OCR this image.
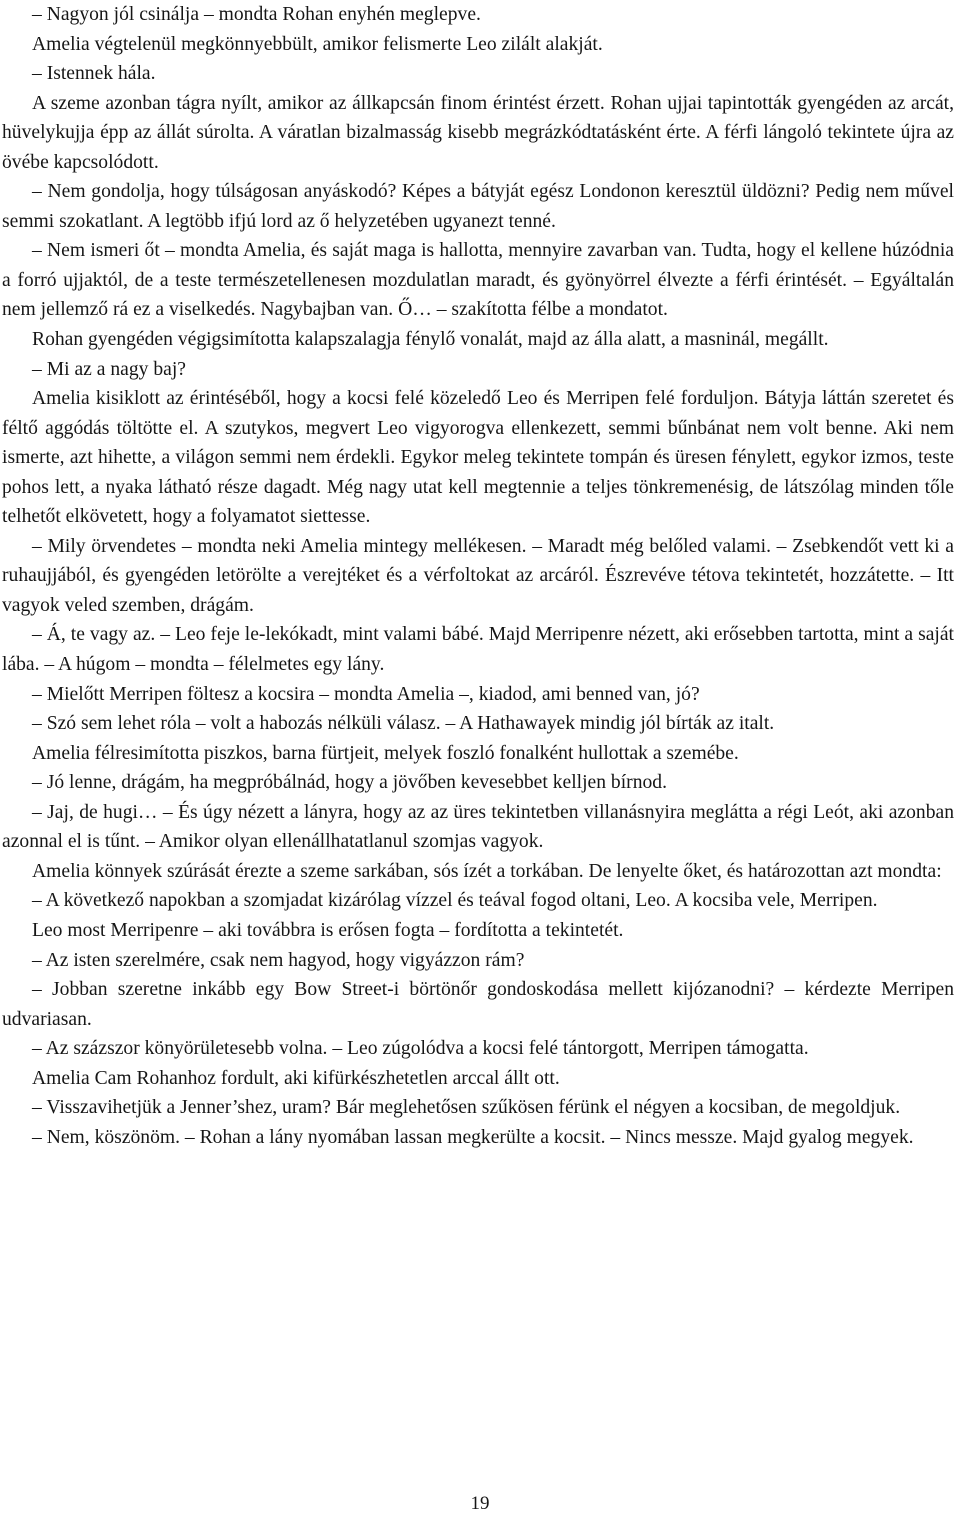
– Nagyon jól csinálja – mondta Rohan enyhén meglepve.

Amelia végtelenül megkönnyebbült, amikor felismerte Leo zilált alakját.

– Istennek hála.

A szeme azonban tágra nyílt, amikor az állkapcsán finom érintést érzett. Rohan ujjai tapintották gyengéden az arcát, hüvelykujja épp az állát súrolta. A váratlan bizalmasság kisebb megrázkódtatásként érte. A férfi lángoló tekintete újra az övébe kapcsolódott.

– Nem gondolja, hogy túlságosan anyáskodó? Képes a bátyját egész Londonon keresztül üldözni? Pedig nem művel semmi szokatlant. A legtöbb ifjú lord az ő helyzetében ugyanezt tenné.

– Nem ismeri őt – mondta Amelia, és saját maga is hallotta, mennyire zavarban van. Tudta, hogy el kellene húzódnia a forró ujjaktól, de a teste természetellenesen mozdulatlan maradt, és gyönyörrel élvezte a férfi érintését. – Egyáltalán nem jellemző rá ez a viselkedés. Nagybajban van. Ő… – szakította félbe a mondatot.

Rohan gyengéden végigsimította kalapszalagja fénylő vonalát, majd az álla alatt, a masninál, megállt.

– Mi az a nagy baj?

Amelia kisiklott az érintéséből, hogy a kocsi felé közeledő Leo és Merripen felé forduljon. Bátyja láttán szeretet és féltő aggódás töltötte el. A szutykos, megvert Leo vigyorogva ellenkezett, semmi bűnbánat nem volt benne. Aki nem ismerte, azt hihette, a világon semmi nem érdekli. Egykor meleg tekintete tompán és üresen fénylett, egykor izmos, teste pohos lett, a nyaka látható része dagadt. Még nagy utat kell megtennie a teljes tönkremenésig, de látszólag minden tőle telhetőt elkövetett, hogy a folyamatot siettesse.

– Mily örvendetes – mondta neki Amelia mintegy mellékesen. – Maradt még belőled valami. – Zsebkendőt vett ki a ruhaujjából, és gyengéden letörölte a verejtéket és a vérfoltokat az arcáról. Észrevéve tétova tekintetét, hozzátette. – Itt vagyok veled szemben, drágám.

– Á, te vagy az. – Leo feje le-lekókadt, mint valami bábé. Majd Merripenre nézett, aki erősebben tartotta, mint a saját lába. – A húgom – mondta – félelmetes egy lány.

– Mielőtt Merripen föltesz a kocsira – mondta Amelia –, kiadod, ami benned van, jó?

– Szó sem lehet róla – volt a habozás nélküli válasz. – A Hathawayek mindig jól bírták az italt.

Amelia félresimította piszkos, barna fürtjeit, melyek foszló fonalként hullottak a szemébe.

– Jó lenne, drágám, ha megpróbálnád, hogy a jövőben kevesebbet kelljen bírnod.

– Jaj, de hugi… – És úgy nézett a lányra, hogy az az üres tekintetben villanásnyira meglátta a régi Leót, aki azonban azonnal el is tűnt. – Amikor olyan ellenállhatatlanul szomjas vagyok.

Amelia könnyek szúrását érezte a szeme sarkában, sós ízét a torkában. De lenyelte őket, és határozottan azt mondta:

– A következő napokban a szomjadat kizárólag vízzel és teával fogod oltani, Leo. A kocsiba vele, Merripen.

Leo most Merripenre – aki továbbra is erősen fogta – fordította a tekintetét.

– Az isten szerelmére, csak nem hagyod, hogy vigyázzon rám?

– Jobban szeretne inkább egy Bow Street-i börtönőr gondoskodása mellett kijózanodni? – kérdezte Merripen udvariasan.

– Az százszor könyörületesebb volna. – Leo zúgolódva a kocsi felé tántorgott, Merripen támogatta.

Amelia Cam Rohanhoz fordult, aki kifürkészhetetlen arccal állt ott.

– Visszavihetjük a Jenner’shez, uram? Bár meglehetősen szűkösen férünk el négyen a kocsiban, de megoldjuk.

– Nem, köszönöm. – Rohan a lány nyomában lassan megkerülte a kocsit. – Nincs messze. Majd gyalog megyek.

19
